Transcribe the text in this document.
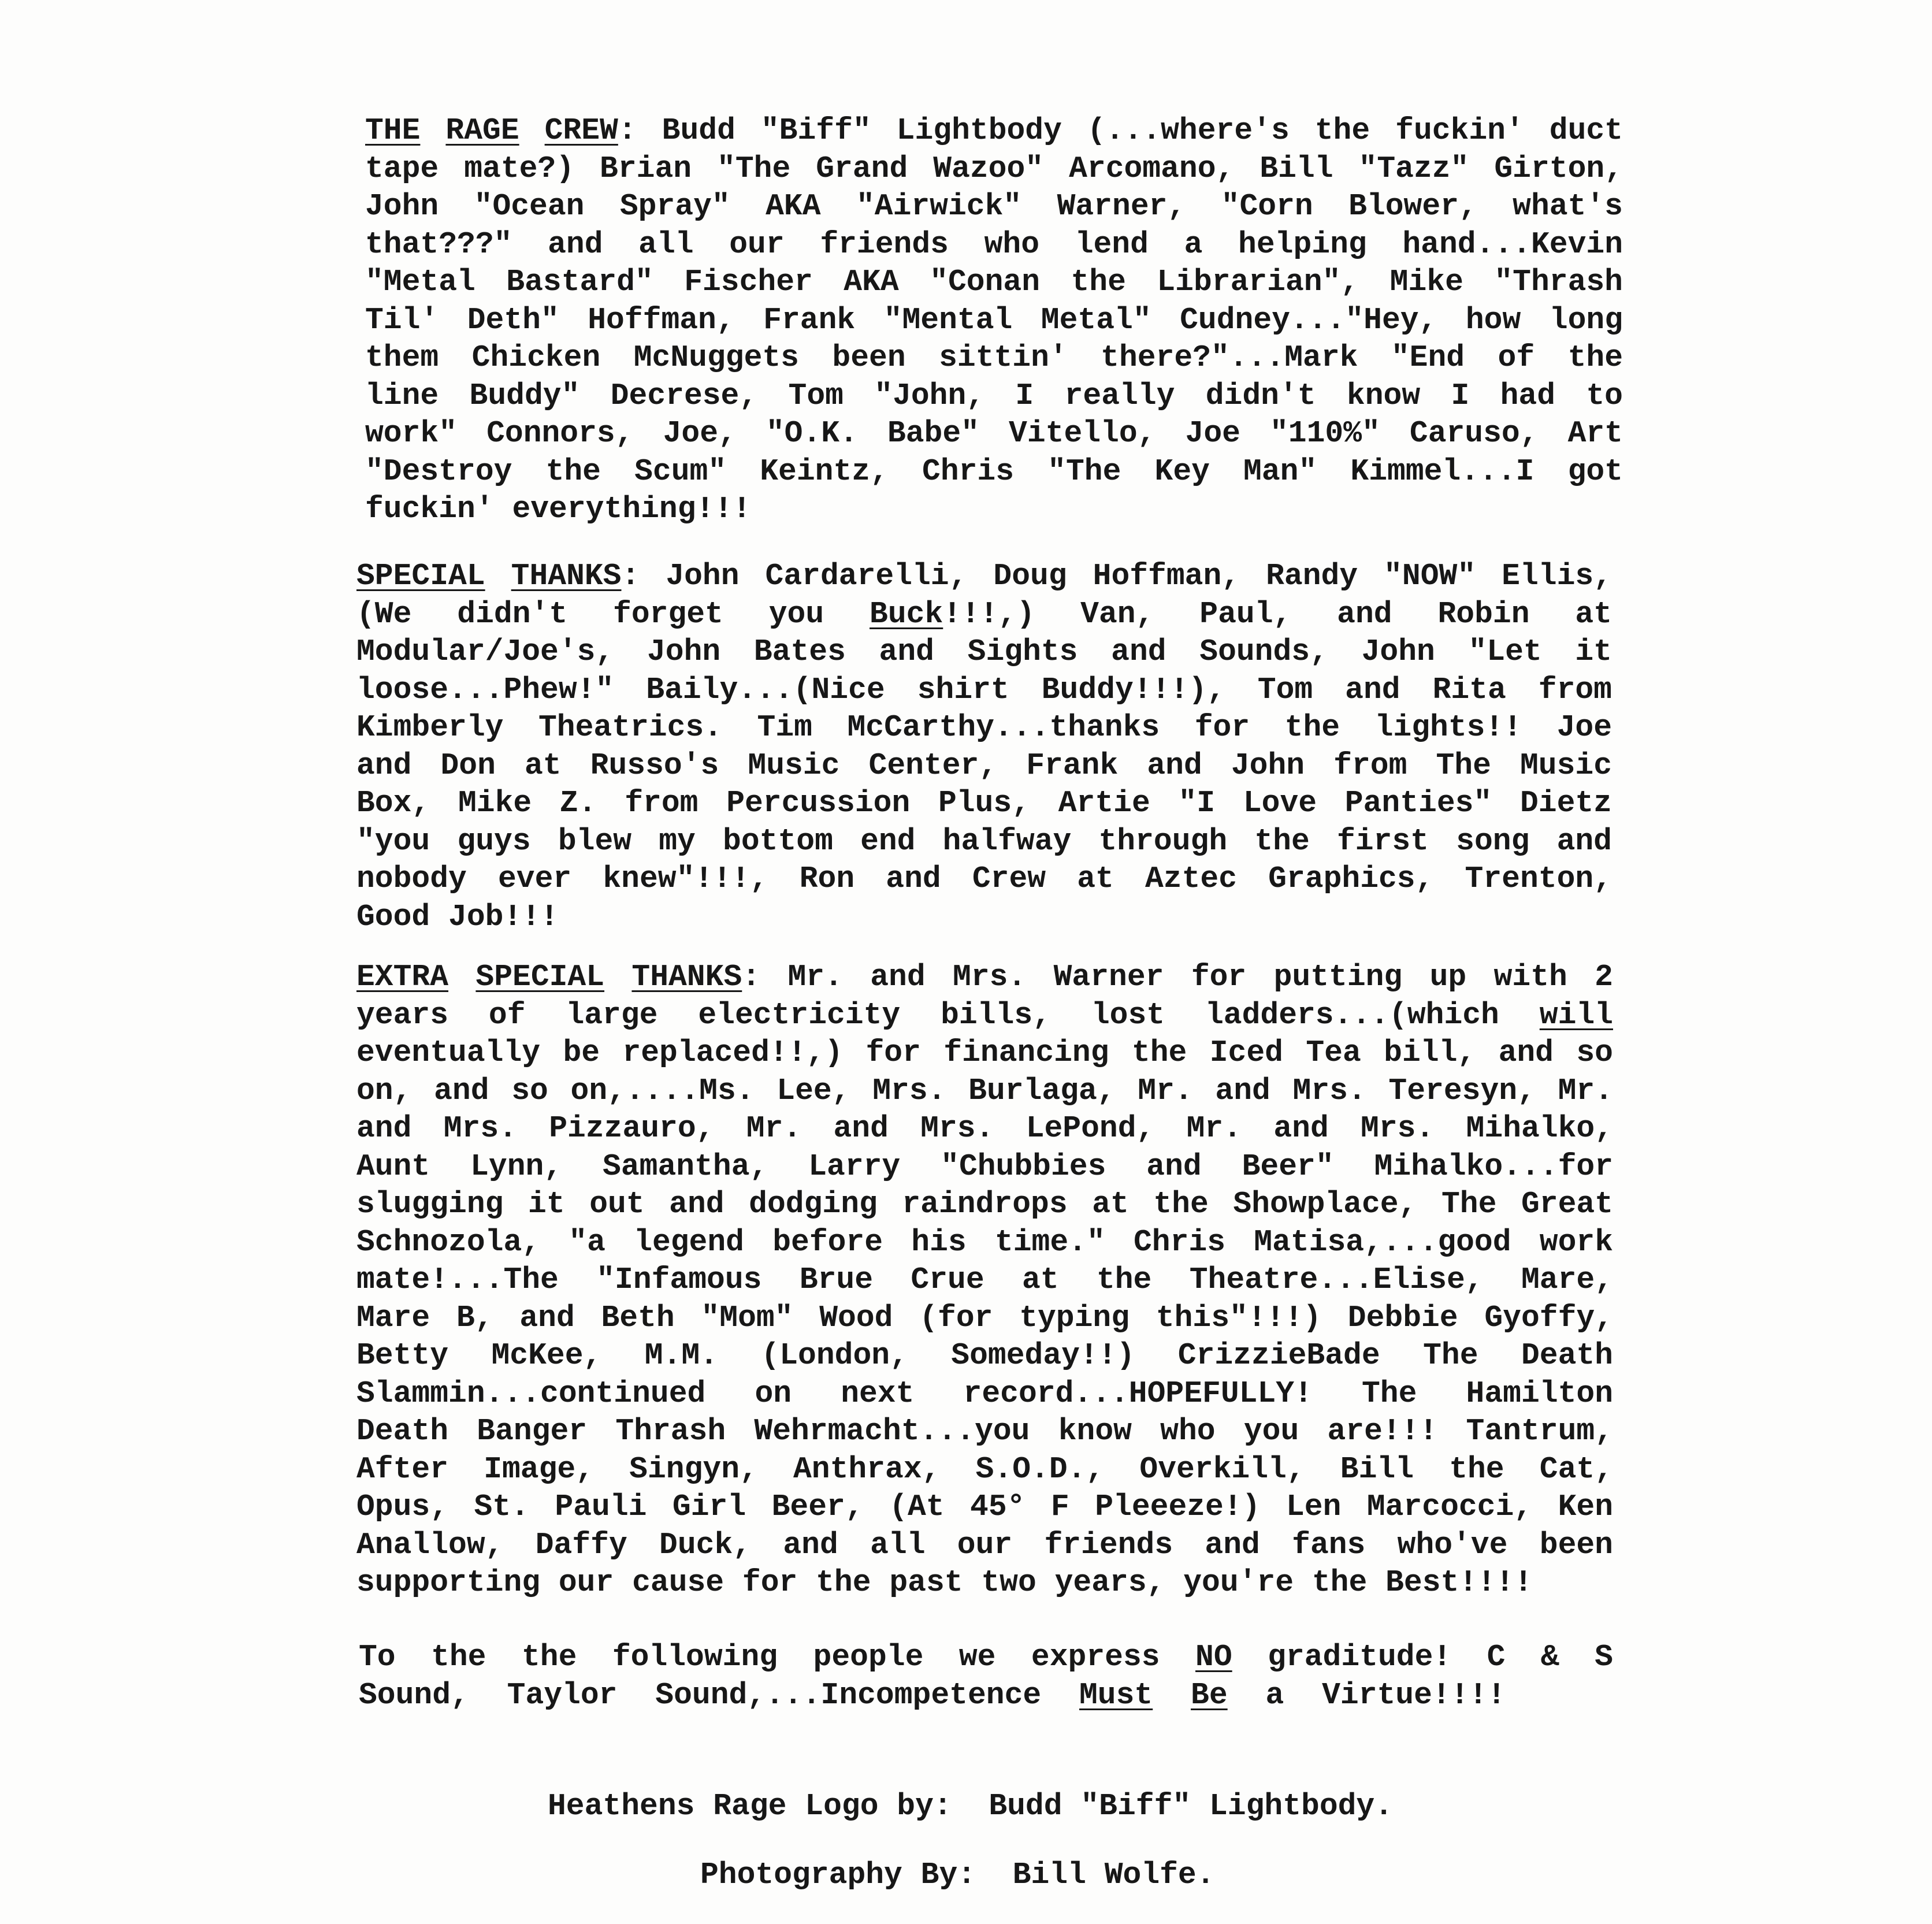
THE RAGE CREW: Budd "Biff" Lightbody (...where's the fuckin' duct
tape mate?) Brian "The Grand Wazoo" Arcomano, Bill "Tazz" Girton,
John "Ocean Spray" AKA "Airwick" Warner, "Corn Blower, what's
that???" and all our friends who lend a helping hand...Kevin
"Metal Bastard" Fischer AKA "Conan the Librarian", Mike "Thrash
Til' Deth" Hoffman, Frank "Mental Metal" Cudney..."Hey, how long
them Chicken McNuggets been sittin' there?"...Mark "End of the
line Buddy" Decrese, Tom "John, I really didn't know I had to
work" Connors, Joe, "O.K. Babe" Vitello, Joe "110%" Caruso, Art
"Destroy the Scum" Keintz, Chris "The Key Man" Kimmel...I got
fuckin' everything!!!
SPECIAL THANKS: John Cardarelli, Doug Hoffman, Randy "NOW" Ellis,
(We didn't forget you Buck!!!,) Van, Paul, and Robin at
Modular/Joe's, John Bates and Sights and Sounds, John "Let it
loose...Phew!" Baily...(Nice shirt Buddy!!!), Tom and Rita from
Kimberly Theatrics. Tim McCarthy...thanks for the lights!! Joe
and Don at Russo's Music Center, Frank and John from The Music
Box, Mike Z. from Percussion Plus, Artie "I Love Panties" Dietz
"you guys blew my bottom end halfway through the first song and
nobody ever knew"!!!, Ron and Crew at Aztec Graphics, Trenton,
Good Job!!!
EXTRA SPECIAL THANKS: Mr. and Mrs. Warner for putting up with 2
years of large electricity bills, lost ladders...(which will
eventually be replaced!!,) for financing the Iced Tea bill, and so
on, and so on,....Ms. Lee, Mrs. Burlaga, Mr. and Mrs. Teresyn, Mr.
and Mrs. Pizzauro, Mr. and Mrs. LePond, Mr. and Mrs. Mihalko,
Aunt Lynn, Samantha, Larry "Chubbies and Beer" Mihalko...for
slugging it out and dodging raindrops at the Showplace, The Great
Schnozola, "a legend before his time." Chris Matisa,...good work
mate!...The "Infamous Brue Crue at the Theatre...Elise, Mare,
Mare B, and Beth "Mom" Wood (for typing this"!!!) Debbie Gyoffy,
Betty McKee, M.M. (London, Someday!!) CrizzieBade The Death
Slammin...continued on next record...HOPEFULLY! The Hamilton
Death Banger Thrash Wehrmacht...you know who you are!!! Tantrum,
After Image, Singyn, Anthrax, S.O.D., Overkill, Bill the Cat,
Opus, St. Pauli Girl Beer, (At 45° F Pleeeze!) Len Marcocci, Ken
Anallow, Daffy Duck, and all our friends and fans who've been
supporting our cause for the past two years, you're the Best!!!!
To the the following people we express NO graditude! C & S
Sound, Taylor Sound,...Incompetence Must Be a Virtue!!!!
Heathens Rage Logo by:  Budd "Biff" Lightbody.
Photography By:  Bill Wolfe.
